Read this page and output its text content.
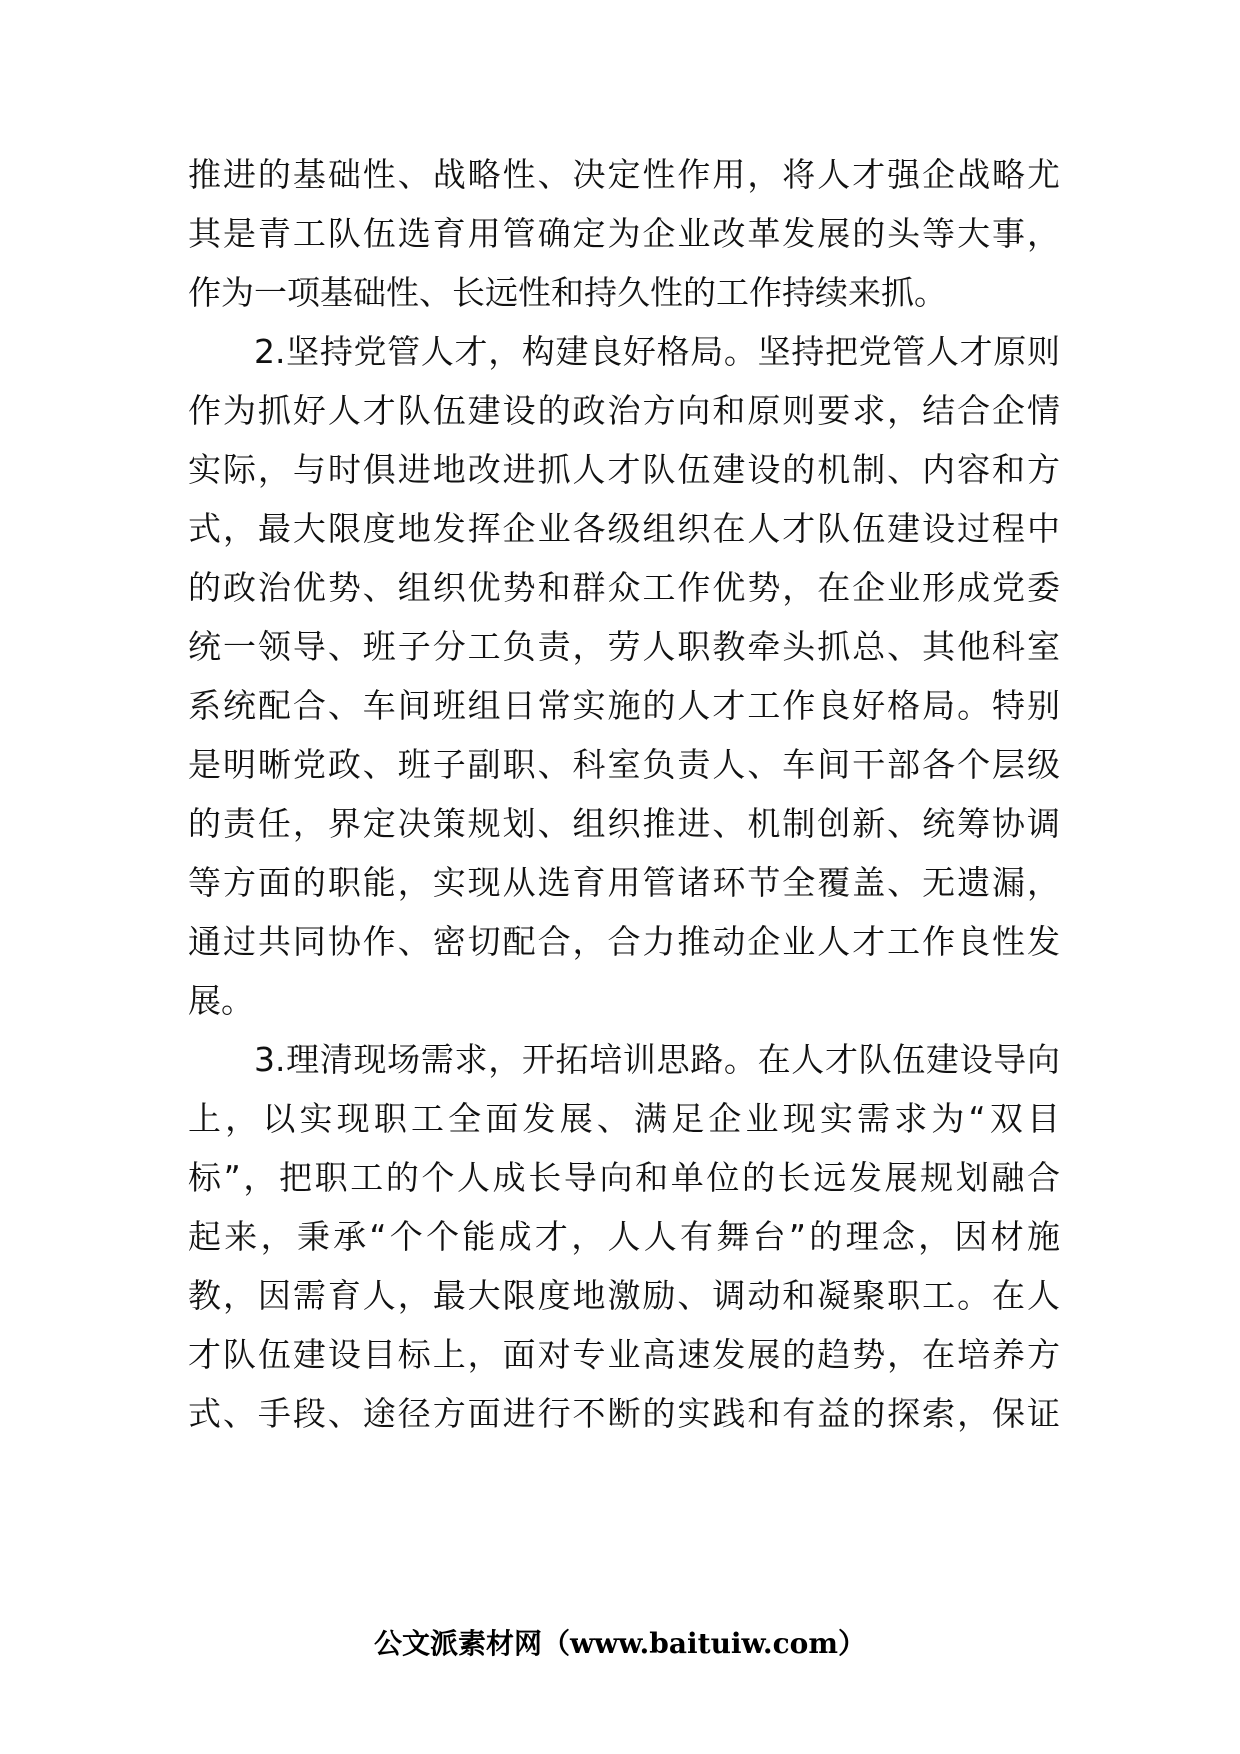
推进的基础性、战略性、决定性作用，将人才强企战略尤

其是青工队伍选育用管确定为企业改革发展的头等大事，

作为一项基础性、长远性和持久性的工作持续来抓。

2.坚持党管人才，构建良好格局。坚持把党管人才原则

作为抓好人才队伍建设的政治方向和原则要求，结合企情

实际，与时俱进地改进抓人才队伍建设的机制、内容和方

式，最大限度地发挥企业各级组织在人才队伍建设过程中

的政治优势、组织优势和群众工作优势，在企业形成党委

统一领导、班子分工负责，劳人职教牵头抓总、其他科室

系统配合、车间班组日常实施的人才工作良好格局。特别

是明晰党政、班子副职、科室负责人、车间干部各个层级

的责任，界定决策规划、组织推进、机制创新、统筹协调

等方面的职能，实现从选育用管诸环节全覆盖、无遗漏，

通过共同协作、密切配合，合力推动企业人才工作良性发

展。

3.理清现场需求，开拓培训思路。在人才队伍建设导向

上，以实现职工全面发展、满足企业现实需求为“双目

标”，把职工的个人成长导向和单位的长远发展规划融合

起来，秉承“个个能成才，人人有舞台”的理念，因材施

教，因需育人，最大限度地激励、调动和凝聚职工。在人

才队伍建设目标上，面对专业高速发展的趋势，在培养方

式、手段、途径方面进行不断的实践和有益的探索，保证

公文派素材网（www.baituiw.com）
